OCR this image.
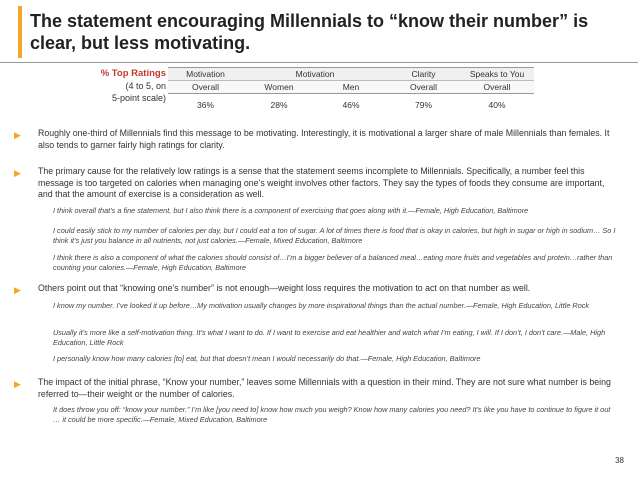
The statement encouraging Millennials to “know their number” is clear, but less motivating.
% Top Ratings
(4 to 5, on
5-point scale)
Motivation	Motivation		Clarity	Speaks to You
Overall	Women	Men	Overall	Overall
36%	28%	46%	79%	40%
▶ Roughly one-third of Millennials find this message to be motivating. Interestingly, it is motivational a larger share of male Millennials than females. It also tends to garner fairly high ratings for clarity.
▶ The primary cause for the relatively low ratings is a sense that the statement seems incomplete to Millennials. Specifically, a number feel this message is too targeted on calories when managing one’s weight involves other factors. They say the types of foods they consume are important, and that the amount of exercise is a consideration as well.
I think overall that’s a fine statement, but I also think there is a component of exercising that goes along with it.—Female, High Education, Baltimore
I could easily stick to my number of calories per day, but I could eat a ton of sugar. A lot of times there is food that is okay in calories, but high in sugar or high in sodium… So I think it’s just you balance in all nutrients, not just calories.—Female, Mixed Education, Baltimore
I think there is also a component of what the calories should consist of…I’m a bigger believer of a balanced meal…eating more fruits and vegetables and protein…rather than counting your calories.—Female, High Education, Baltimore
▶ Others point out that “knowing one’s number” is not enough—weight loss requires the motivation to act on that number as well.
I know my number. I’ve looked it up before…My motivation usually changes by more inspirational things than the actual number.—Female, High Education, Little Rock
Usually it’s more like a self-motivation thing. It’s what I want to do. If I want to exercise and eat healthier and watch what I’m eating, I will. If I don’t, I don’t care.—Male, High Education, Little Rock
I personally know how many calories [to] eat, but that doesn’t mean I would necessarily do that.—Female, High Education, Baltimore
▶ The impact of the initial phrase, “Know your number,” leaves some Millennials with a question in their mind. They are not sure what number is being referred to—their weight or the number of calories.
It does throw you off: “know your number.” I’m like [you need to] know how much you weigh? Know how many calories you need? It’s like you have to continue to figure it out … it could be more specific.—Female, Mixed Education, Baltimore
38
